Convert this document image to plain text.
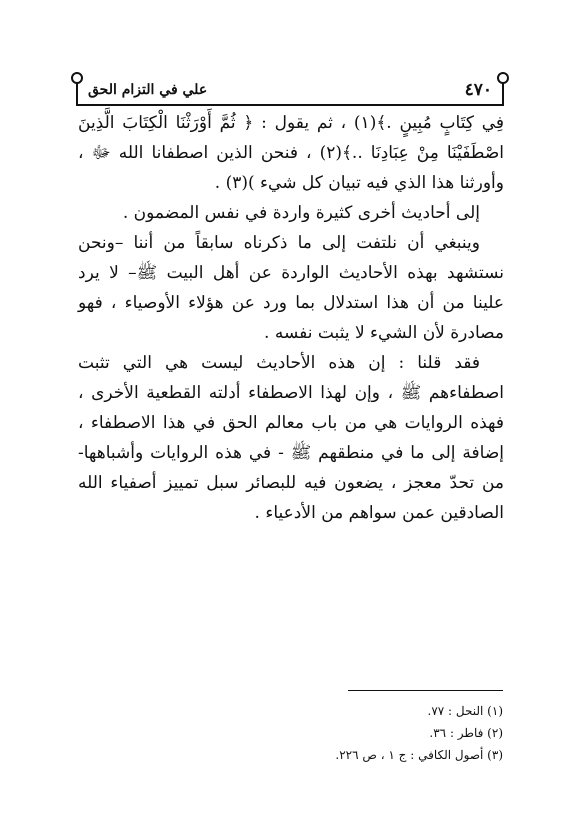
علي في التزام الحق	٤٧٠

فِي كِتَابٍ مُبِينٍ .﴾(١) ، ثم يقول : ﴿ ثُمَّ أَوْرَثْنَا الْكِتَابَ الَّذِينَ اصْطَفَيْنَا مِنْ عِبَادِنَا ..﴾(٢) ، فنحن الذين اصطفانا الله ﷻ ، وأورثنا هذا الذي فيه تبيان كل شيء )(٣) .

إلى أحاديث أخرى كثيرة واردة في نفس المضمون .

وينبغي أن نلتفت إلى ما ذكرناه سابقاً من أننا –ونحن نستشهد بهذه الأحاديث الواردة عن أهل البيت ﷺ– لا يرد علينا من أن هذا استدلال بما ورد عن هؤلاء الأوصياء ، فهو مصادرة لأن الشيء لا يثبت نفسه .

فقد قلنا : إن هذه الأحاديث ليست هي التي تثبت اصطفاءهم ﷺ ، وإن لهذا الاصطفاء أدلته القطعية الأخرى ، فهذه الروايات هي من باب معالم الحق في هذا الاصطفاء ، إضافة إلى ما في منطقهم ﷺ - في هذه الروايات وأشباهها- من تحدّ معجز ، يضعون فيه للبصائر سبل تمييز أصفياء الله الصادقين عمن سواهم من الأدعياء .

(١) النحل : ٧٧.

(٢) فاطر : ٣٦.

(٣) أصول الكافي : ج ١ ، ص ٢٢٦.
